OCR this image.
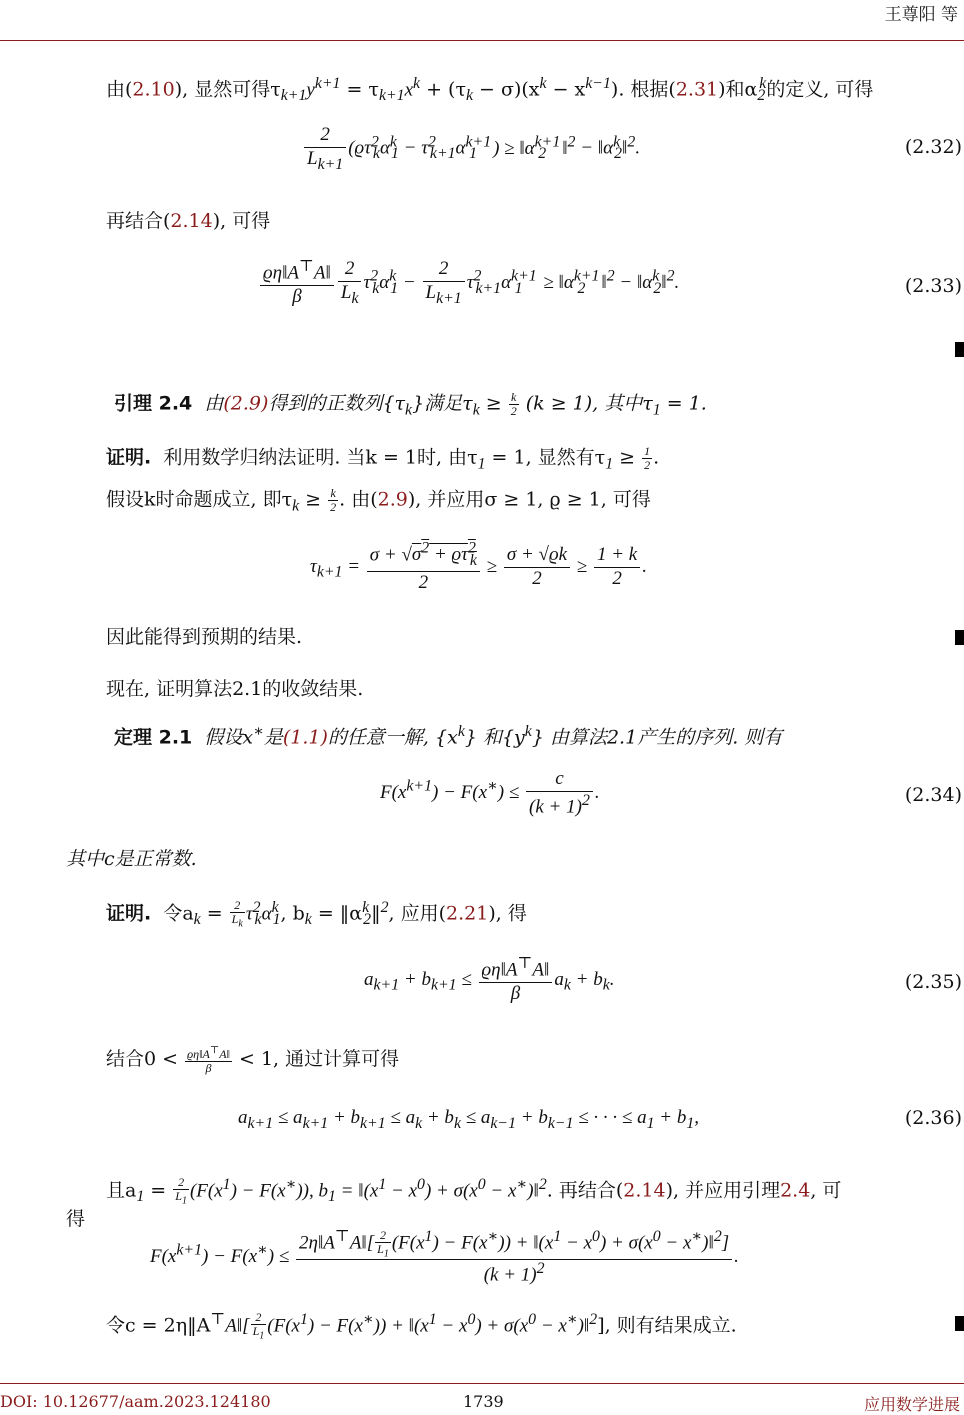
王尊阳 等
由(2.10), 显然可得$\tau_{k+1}y^{k+1} = \tau_{k+1}x^k + (\tau_k - \sigma)(x^k - x^{k-1})$. 根据(2.31)和$\alpha_2^k$的定义, 可得
$\frac{2}{L_{k+1}} (ϱ\tau^2_k\alpha^k_1 - \tau^2_{k+1}\alpha^{k+1}_1$ ) ≥ $‖\alpha^{k+1}_2$ ‖$^2$ − $‖\alpha^k_2‖^2$.	(2.32)
再结合(2.14), 可得
$\frac{ϱ\eta‖A^⊤A‖}{\beta} \frac{2}{L_k} \tau^2_k\alpha^k_1 - \frac{2}{L_{k+1}} \tau^2_{k+1}\alpha^{k+1}_1$ ≥ $‖\alpha^{k+1}_2$ ‖$^2$ − $‖\alpha^k_2‖^2$.	(2.33)
引理 2.4 由(2.9)得到的正数列$\{\tau_k\}$满足$\tau_k \ge \frac{k}{2} (k \ge 1)$, 其中$\tau_1 = 1$.
证明. 利用数学归纳法证明. 当k = 1时, 由$\tau_1 = 1$, 显然有$\tau_1 \ge \frac{1}{2}$ .
假设k时命题成立, 即$\tau_k \ge \frac{k}{2}$ . 由(2.9), 并应用σ ≥ 1, ϱ ≥ 1, 可得
$\tau_{k+1} = \frac{\sigma + √\sigma^2 + ϱ\tau^2_k}{2} \ge \frac{\sigma + √ϱk}{2} \ge \frac{1 + k}{2}$ .
因此能得到预期的结果.
现在, 证明算法2.1的收敛结果.
定理 2.1 假设x∗是(1.1)的任意一解, $\{x^k\}$ 和$\{y^k\}$ 由算法2.1产生的序列. 则有
$F(x^{k+1}) - F(x^∗) \le \frac{c}{(k + 1)^2}$ .	(2.34)
其中c是正常数.
证明. 令$a_k = \frac{2}{L_k} \tau^2_k\alpha^k_1$, $b_k$ = $‖\alpha^k_2‖^2$, 应用(2.21), 得
$a_{k+1} + b_{k+1} \le \frac{ϱ\eta‖A^⊤A‖}{\beta} a_k + b_k$.	(2.35)
结合$0 < \frac{ϱ\eta‖A^⊤A‖}{\beta} < 1$, 通过计算可得
$a_{k+1} \le a_{k+1} + b_{k+1} \le a_k + b_k \le a_{k-1} + b_{k-1}$ ≤ · · · ≤ $a_1 + b_1$,	(2.36)
且$a_1 = \frac{2}{L_1} (F(x^1) - F(x^∗))$, $b_1$ = $‖(x^1 - x^0) + \sigma(x^0$ − x∗)‖$^2$. 再结合(2.14), 并应用引理2.4, 可
得
$F(x^{k+1}) - F(x^∗) \le \frac{2\eta‖A^⊤A‖[ \frac{2}{L_1} (F(x^1) - F(x^∗)) + ‖(x^1 - x^0) + \sigma(x^0 - x^∗)‖^2]}{(k + 1)^2}$ .
令c = 2η‖A⊤A‖[ $\frac{2}{L_1} (F(x^1) - F(x^∗))$ + $‖(x^1 - x^0) + \sigma(x^0$ − x∗)‖$^2$], 则有结果成立.
DOI: 10.12677/aam.2023.124180	1739	应用数学进展
